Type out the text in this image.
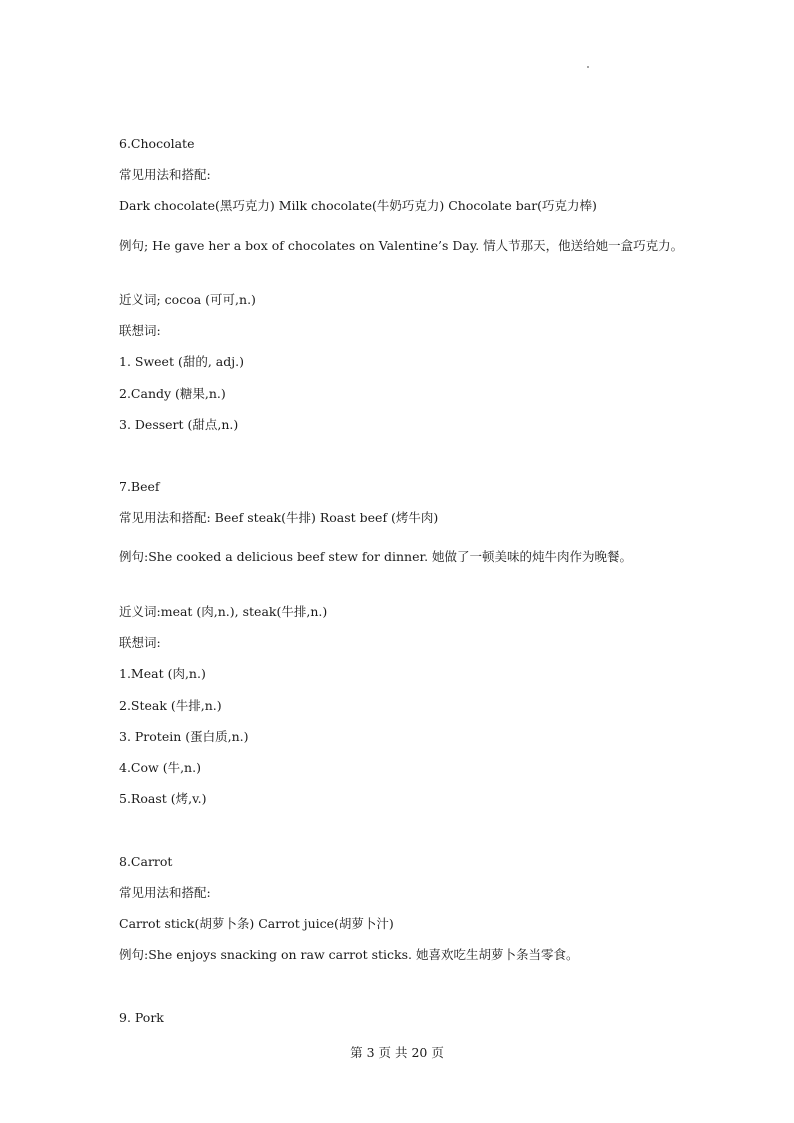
6.Chocolate
常见用法和搭配:
Dark chocolate(黑巧克力) Milk chocolate(牛奶巧克力) Chocolate bar(巧克力棒)
例句; He gave her a box of chocolates on Valentine’s Day. 情人节那天，他送给她一盒巧克力。
近义词; cocoa (可可,n.)
联想词:
1. Sweet (甜的, adj.)
2.Candy (糖果,n.)
3. Dessert (甜点,n.)
7.Beef
常见用法和搭配: Beef steak(牛排) Roast beef (烤牛肉)
例句:She cooked a delicious beef stew for dinner. 她做了一顿美味的炖牛肉作为晚餐。
近义词:meat (肉,n.), steak(牛排,n.)
联想词:
1.Meat (肉,n.)
2.Steak (牛排,n.)
3. Protein (蛋白质,n.)
4.Cow (牛,n.)
5.Roast (烤,v.)
8.Carrot
常见用法和搭配:
Carrot stick(胡萝卜条) Carrot juice(胡萝卜汁)
例句:She enjoys snacking on raw carrot sticks. 她喜欢吃生胡萝卜条当零食。
9. Pork
第 3 页 共 20 页
